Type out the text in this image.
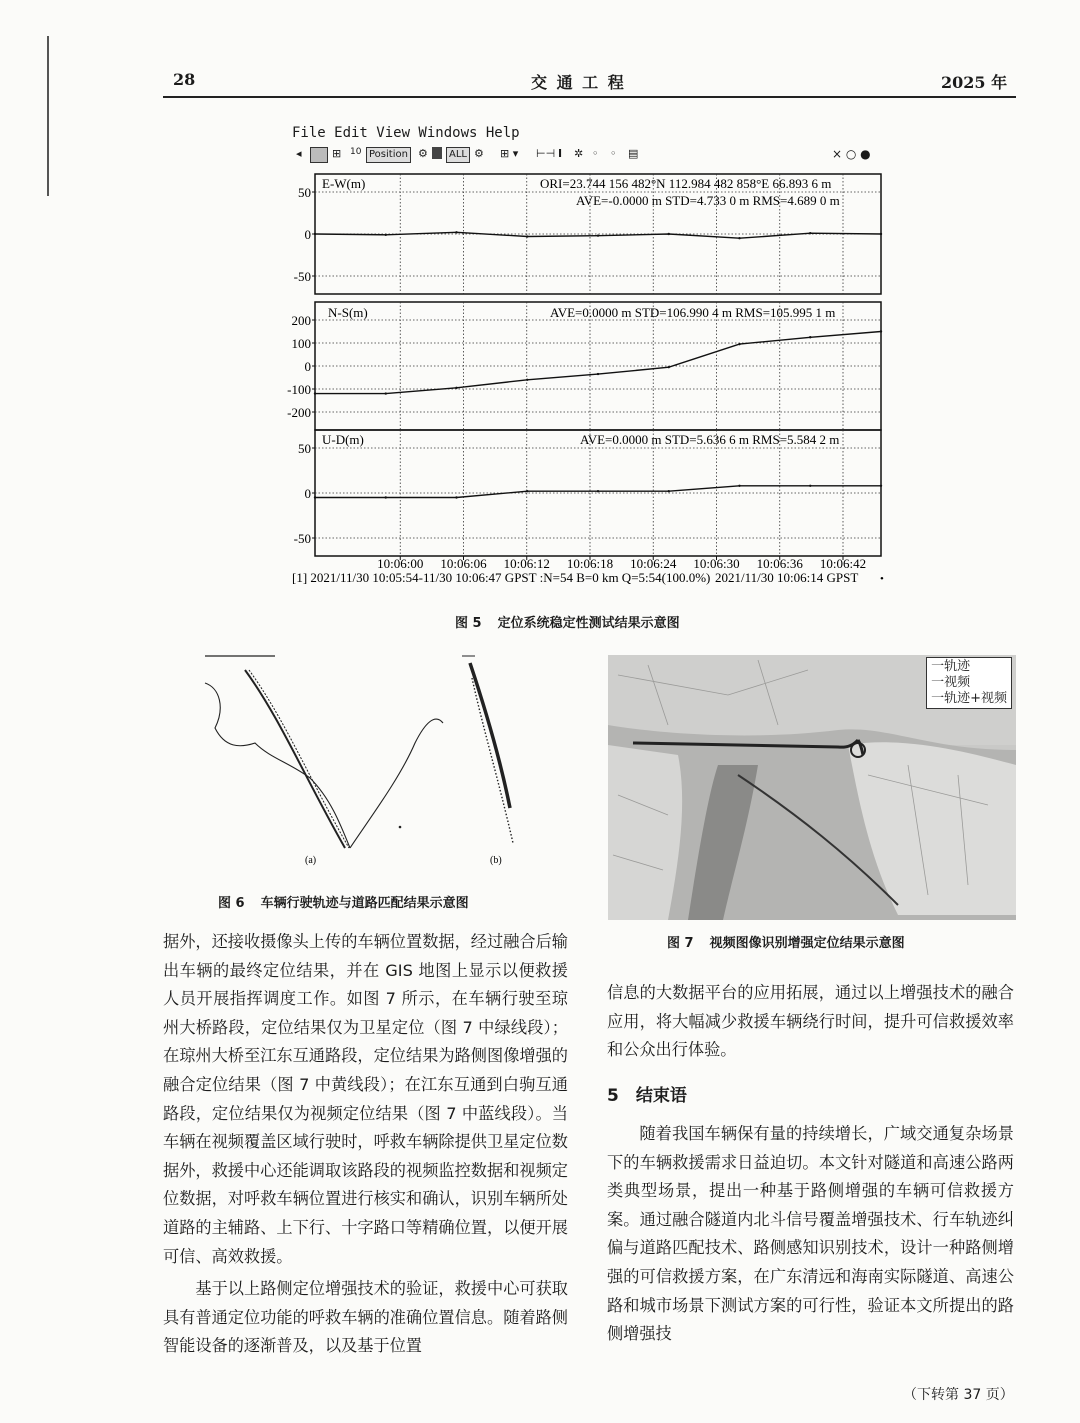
28	交 通 工 程	2025 年
File Edit View Windows Help
◂	⊞ 10 Position ⚙	ALL ⚙ ⊞ ▾ ⊢⊣ I ✲ ◦ ◦ ▤	× ○ ●
50
0
-50
200
100
0
-100
-200
50
0
-50
10:06:00 10:06:06 10:06:12 10:06:18 10:06:24 10:06:30 10:06:36 10:06:42
E-W(m)	ORI=23.744 156 482°N 112.984 482 858°E 66.893 6 m
AVE=-0.0000 m STD=4.733 0 m RMS=4.689 0 m
N-S(m)	AVE=0.0000 m STD=106.990 4 m RMS=105.995 1 m
U-D(m)	AVE=0.0000 m STD=5.636 6 m RMS=5.584 2 m
[1] 2021/11/30 10:05:54-11/30 10:06:47 GPST :N=54 B=0 km Q=5:54(100.0%) 2021/11/30 10:06:14 GPST •
图 5 定位系统稳定性测试结果示意图
(a)	(b)
图 6 车辆行驶轨迹与道路匹配结果示意图
一轨迹
一视频
一轨迹+视频
图 7 视频图像识别增强定位结果示意图

据外，还接收摄像头上传的车辆位置数据，经过融合后输出车辆的最终定位结果，并在 GIS 地图上显示以便救援人员开展指挥调度工作。如图 7 所示，在车辆行驶至琼州大桥路段，定位结果仅为卫星定位（图 7 中绿线段）；在琼州大桥至江东互通路段，定位结果为路侧图像增强的融合定位结果（图 7 中黄线段）；在江东互通到白驹互通路段，定位结果仅为视频定位结果（图 7 中蓝线段）。当车辆在视频覆盖区域行驶时，呼救车辆除提供卫星定位数据外，救援中心还能调取该路段的视频监控数据和视频定位数据，对呼救车辆位置进行核实和确认，识别车辆所处道路的主辅路、上下行、十字路口等精确位置，以便开展可信、高效救援。

基于以上路侧定位增强技术的验证，救援中心可获取具有普通定位功能的呼救车辆的准确位置信息。随着路侧智能设备的逐渐普及，以及基于位置

信息的大数据平台的应用拓展，通过以上增强技术的融合应用，将大幅减少救援车辆绕行时间，提升可信救援效率和公众出行体验。

5　结束语

随着我国车辆保有量的持续增长，广域交通复杂场景下的车辆救援需求日益迫切。本文针对隧道和高速公路两类典型场景，提出一种基于路侧增强的车辆可信救援方案。通过融合隧道内北斗信号覆盖增强技术、行车轨迹纠偏与道路匹配技术、路侧感知识别技术，设计一种路侧增强的可信救援方案，在广东清远和海南实际隧道、高速公路和城市场景下测试方案的可行性，验证本文所提出的路侧增强技

（下转第 37 页）
